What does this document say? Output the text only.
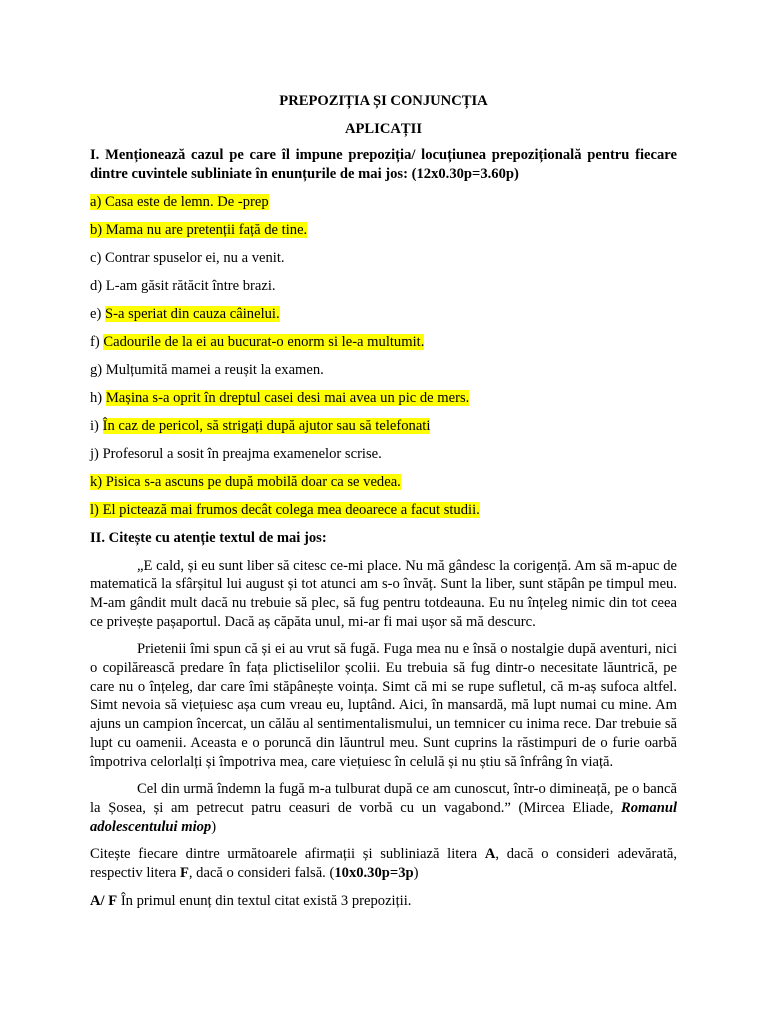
PREPOZIȚIA ȘI CONJUNCȚIA

APLICAȚII

I. Menționează cazul pe care îl impune prepoziția/ locuțiunea prepozițională pentru fiecare dintre cuvintele subliniate în enunțurile de mai jos: (12x0.30p=3.60p)

a) Casa este de lemn. De -prep

b) Mama nu are pretenții față de tine.

c) Contrar spuselor ei, nu a venit.

d) L-am găsit rătăcit între brazi.

e) S-a speriat din cauza câinelui.

f) Cadourile de la ei au bucurat-o enorm si le-a multumit.

g) Mulțumită mamei a reușit la examen.

h) Mașina s-a oprit în dreptul casei desi mai avea un pic de mers.

i) În caz de pericol, să strigați după ajutor sau să telefonati

j) Profesorul a sosit în preajma examenelor scrise.

k) Pisica s-a ascuns pe după mobilă doar ca se vedea.

l) El pictează mai frumos decât colega mea deoarece a facut studii.

II. Citește cu atenție textul de mai jos:

„E cald, și eu sunt liber să citesc ce-mi place. Nu mă gândesc la corigență. Am să m-apuc de matematică la sfârșitul lui august și tot atunci am s-o învăț. Sunt la liber, sunt stăpân pe timpul meu. M-am gândit mult dacă nu trebuie să plec, să fug pentru totdeauna. Eu nu înțeleg nimic din tot ceea ce privește pașaportul. Dacă aș căpăta unul, mi-ar fi mai ușor să mă descurc.

Prietenii îmi spun că și ei au vrut să fugă. Fuga mea nu e însă o nostalgie după aventuri, nici o copilărească predare în fața plictiselilor școlii. Eu trebuia să fug dintr-o necesitate lăuntrică, pe care nu o înțeleg, dar care îmi stăpânește voința. Simt că mi se rupe sufletul, că m-aș sufoca altfel. Simt nevoia să viețuiesc așa cum vreau eu, luptând. Aici, în mansardă, mă lupt numai cu mine. Am ajuns un campion încercat, un călău al sentimentalismului, un temnicer cu inima rece. Dar trebuie să lupt cu oamenii. Aceasta e o poruncă din lăuntrul meu. Sunt cuprins la răstimpuri de o furie oarbă împotriva celorlalți și împotriva mea, care viețuiesc în celulă și nu știu să înfrâng în viață.

Cel din urmă îndemn la fugă m-a tulburat după ce am cunoscut, într-o dimineață, pe o bancă la Șosea, și am petrecut patru ceasuri de vorbă cu un vagabond.” (Mircea Eliade, Romanul adolescentului miop)

Citește fiecare dintre următoarele afirmații și subliniază litera A, dacă o consideri adevărată, respectiv litera F, dacă o consideri falsă. (10x0.30p=3p)

A/ F În primul enunț din textul citat există 3 prepoziții.
